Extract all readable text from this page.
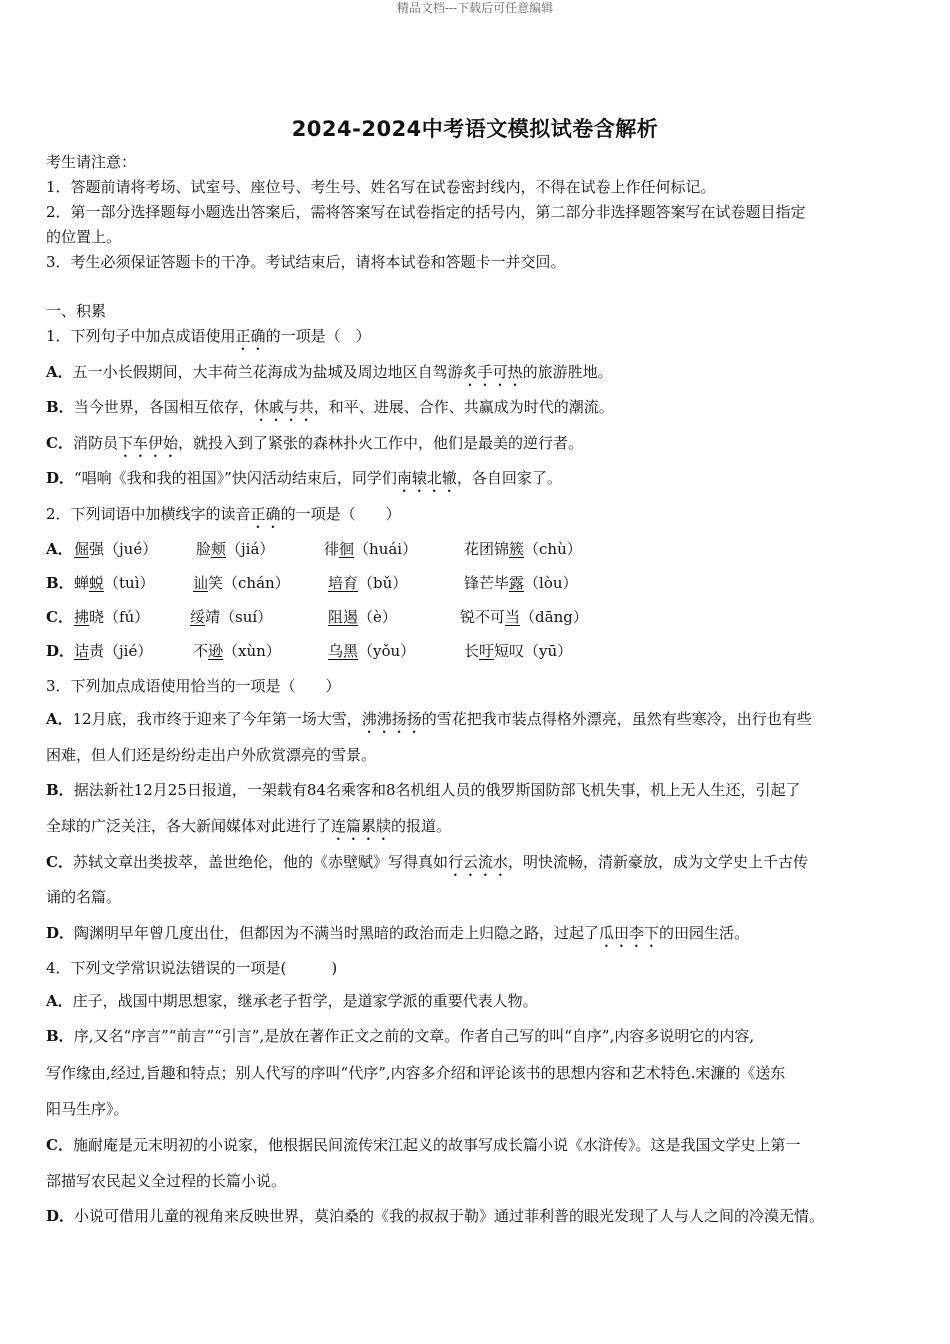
精品文档---下载后可任意编辑
2024-2024中考语文模拟试卷含解析
考生请注意：
1．答题前请将考场、试室号、座位号、考生号、姓名写在试卷密封线内，不得在试卷上作任何标记。
2．第一部分选择题每小题选出答案后，需将答案写在试卷指定的括号内，第二部分非选择题答案写在试卷题目指定
的位置上。
3．考生必须保证答题卡的干净。考试结束后，请将本试卷和答题卡一并交回。
一、积累
1．下列句子中加点成语使用正确的一项是（　）
A．五一小长假期间，大丰荷兰花海成为盐城及周边地区自驾游炙手可热的旅游胜地。
B．当今世界，各国相互依存，休戚与共，和平、进展、合作、共赢成为时代的潮流。
C．消防员下车伊始，就投入到了紧张的森林扑火工作中，他们是最美的逆行者。
D．“唱响《我和我的祖国》”快闪活动结束后，同学们南辕北辙，各自回家了。
2．下列词语中加横线字的读音正确的一项是（　　）
A． 倔强（jué）	脸颊（jiá）	徘徊（huái）	花团锦簇（chù）
B． 蝉蜕（tuì）	讪笑（chán）	培育（bǔ）	锋芒毕露（lòu）
C． 拂晓（fú）	绥靖（suí）	阻遏（è）	锐不可当（dāng）
D． 诘责（jié）	不逊（xùn）	乌黑（yǒu）	长吁短叹（yū）
3．下列加点成语使用恰当的一项是（　　）
A．12月底，我市终于迎来了今年第一场大雪，沸沸扬扬的雪花把我市装点得格外漂亮，虽然有些寒冷，出行也有些
困难，但人们还是纷纷走出户外欣赏漂亮的雪景。
B．据法新社12月25日报道，一架载有84名乘客和8名机组人员的俄罗斯国防部飞机失事，机上无人生还，引起了
全球的广泛关注，各大新闻媒体对此进行了连篇累牍的报道。
C．苏轼文章出类拔萃，盖世绝伦，他的《赤壁赋》写得真如行云流水，明快流畅，清新豪放，成为文学史上千古传
诵的名篇。
D．陶渊明早年曾几度出仕，但都因为不满当时黑暗的政治而走上归隐之路，过起了瓜田李下的田园生活。
4．下列文学常识说法错误的一项是(　　　)
A．庄子，战国中期思想家，继承老子哲学，是道家学派的重要代表人物。
B．序,又名“序言”“前言”“引言”,是放在著作正文之前的文章。作者自己写的叫“自序”,内容多说明它的内容,
写作缘由,经过,旨趣和特点；别人代写的序叫“代序”,内容多介绍和评论该书的思想内容和艺术特色.宋濂的《送东
阳马生序》。
C．施耐庵是元末明初的小说家，他根据民间流传宋江起义的故事写成长篇小说《水浒传》。这是我国文学史上第一
部描写农民起义全过程的长篇小说。
D．小说可借用儿童的视角来反映世界，莫泊桑的《我的叔叔于勒》通过菲利普的眼光发现了人与人之间的冷漠无情。
